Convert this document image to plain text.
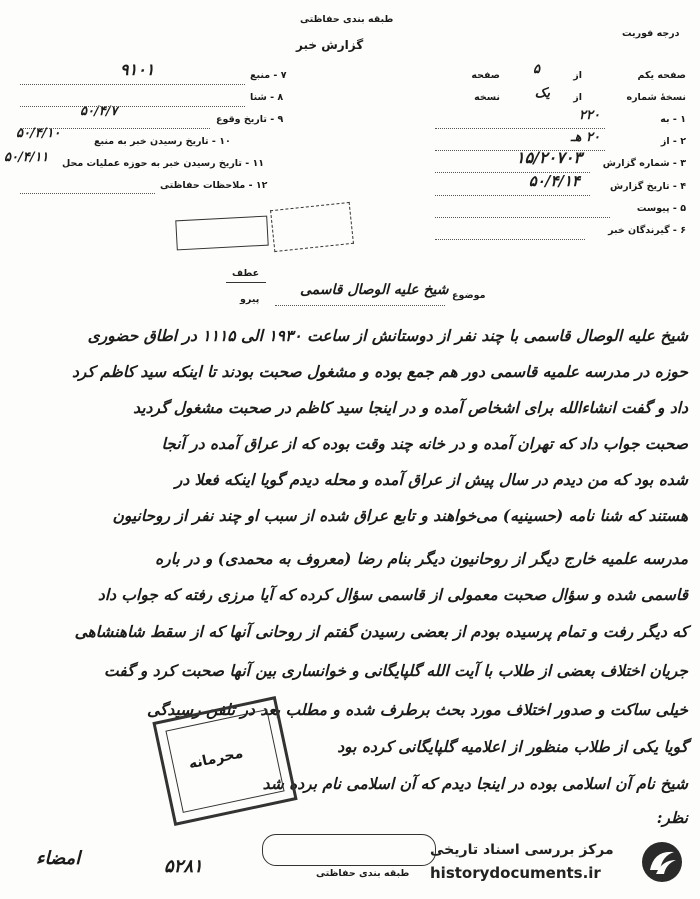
طبقه بندی حفاظتی
گزارش خبر
درجه فوریت
صفحه یکم
صفحه	از
۵
نسخهٔ شماره
نسخه	از
یک
۱ - به
۲۲۰
۲ - از
۲۰ هـ
۳ - شماره گزارش
۱۵/۲۰۷۰۳
۴ - تاریخ گزارش
۵۰/۴/۱۴
۵ - پیوست
۶ - گیرندگان خبر
۷ - منبع
۹۱۰۱
۸ - شنا
۹ - تاریخ وقوع
۵۰/۴/۷
۱۰ - تاریخ رسیدن خبر به منبع
۵۰/۴/۱۰
۱۱ - تاریخ رسیدن خبر به حوزه عملیات محل
۵۰/۴/۱۱
۱۲ - ملاحظات حفاظتی
عطف
پیرو	موضوع
شیخ علیه الوصال قاسمی
شیخ علیه الوصال قاسمی با چند نفر از دوستانش از ساعت ۱۹۳۰ الی ۱۱۱۵ در اطاق حضوری
حوزه در مدرسه علمیه قاسمی دور هم جمع بوده و مشغول صحبت بودند تا اینکه سید کاظم کرد
داد و گفت انشاءالله برای اشخاص آمده و در اینجا سید کاظم در صحبت مشغول گردید
صحبت جواب داد که تهران آمده و در خانه چند وقت بوده که از عراق آمده در آنجا
شده بود که من دیدم در سال پیش از عراق آمده و محله دیدم گویا اینکه فعلا در
هستند که شنا نامه (حسینیه) می‌خواهند و تابع عراق شده از سبب او چند نفر از روحانیون
مدرسه علمیه خارج دیگر از روحانیون دیگر بنام رضا (معروف به محمدی) و در باره
قاسمی شده و سؤال صحبت معمولی از قاسمی سؤال کرده که آیا مرزی رفته که جواب داد
که دیگر رفت و تمام پرسیده بودم از بعضی رسیدن گفتم از روحانی آنها که از سقط شاهنشاهی
جریان اختلاف بعضی از طلاب با آیت الله گلپایگانی و خوانساری بین آنها صحبت کرد و گفت
خیلی ساکت و صدور اختلاف مورد بحث برطرف شده و مطلب بعد در تلفن رسیدگی
گویا یکی از طلاب منظور از اعلامیه گلپایگانی کرده بود
شیخ نام آن اسلامی بوده در اینجا دیدم که آن اسلامی نام برده شد
نظر:
محرمانه
طبقه بندی حفاظتی
۵۲۸۱
امضاء	مرکز بررسی اسناد تاریخی
historydocuments.ir
